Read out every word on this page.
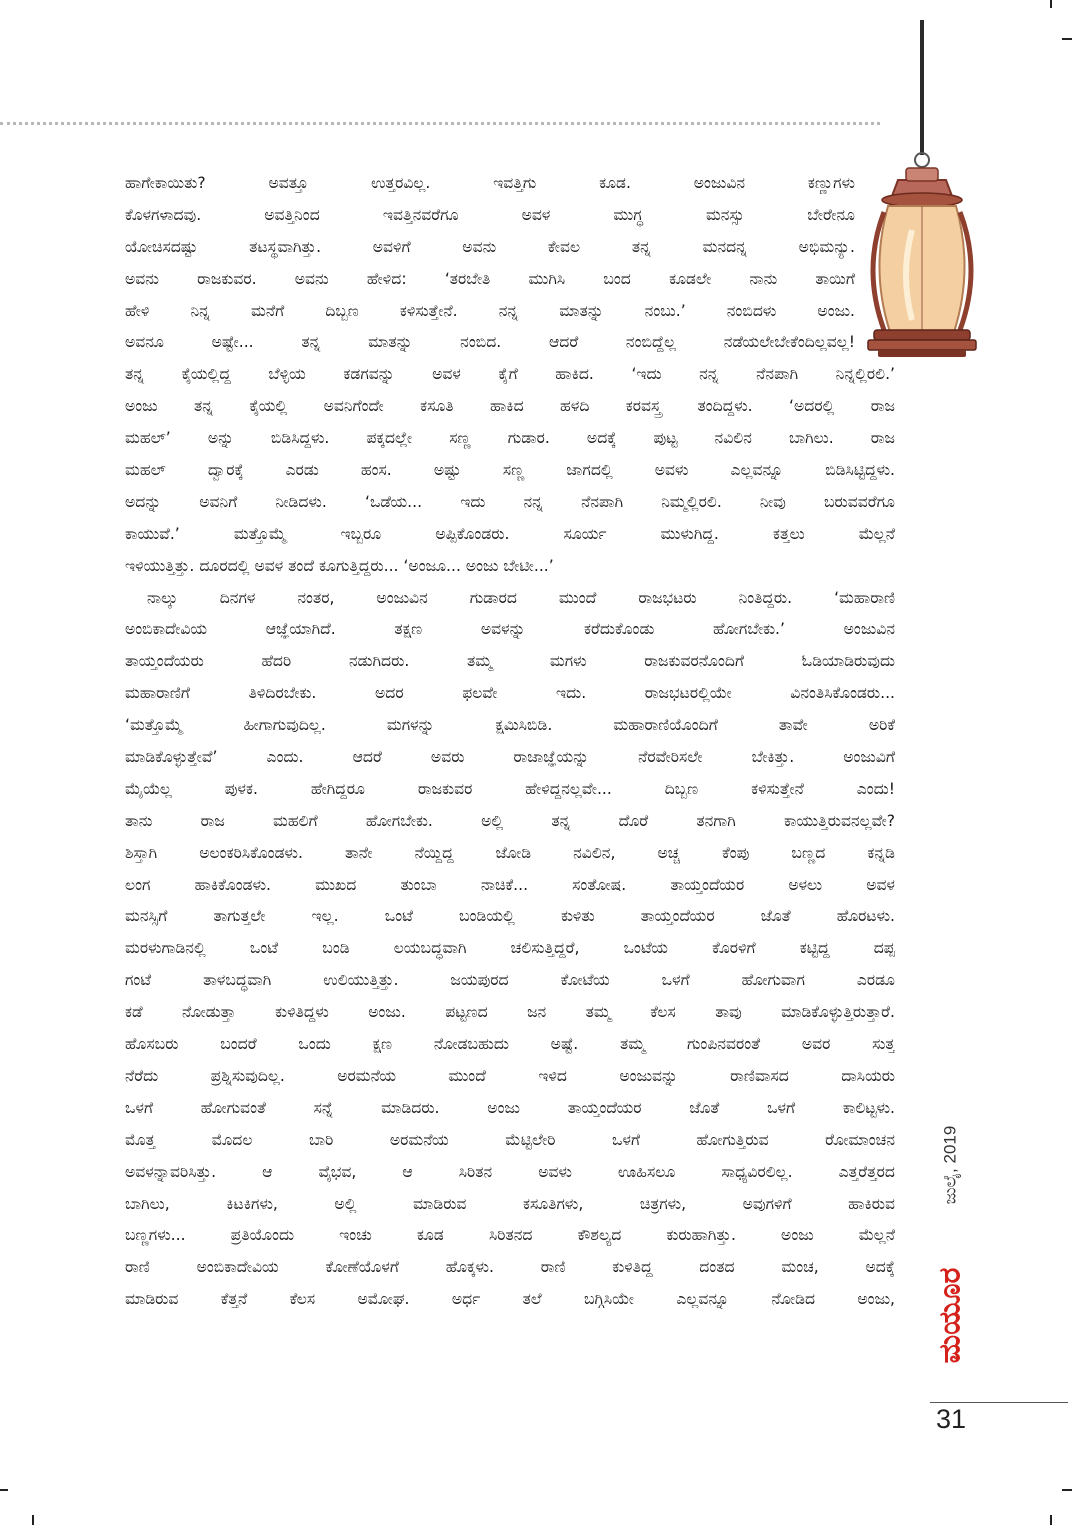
ಹಾಗೇಕಾಯಿತು? ಅವತ್ತೂ ಉತ್ತರವಿಲ್ಲ. ಇವತ್ತಿಗು ಕೂಡ. ಅಂಜುವಿನ ಕಣ್ಣುಗಳು
ಕೊಳಗಳಾದವು. ಅವತ್ತಿನಿಂದ ಇವತ್ತಿನವರೆಗೂ ಅವಳ ಮುಗ್ಧ ಮನಸ್ಸು ಬೇರೇನೂ
ಯೋಚಿಸದಷ್ಟು ತಟಸ್ಥವಾಗಿತ್ತು. ಅವಳಿಗೆ ಅವನು ಕೇವಲ ತನ್ನ ಮನದನ್ನ ಅಭಿಮನ್ಯು.
ಅವನು ರಾಜಕುವರ. ಅವನು ಹೇಳಿದ: ‘ತರಬೇತಿ ಮುಗಿಸಿ ಬಂದ ಕೂಡಲೇ ನಾನು ತಾಯಿಗೆ
ಹೇಳಿ ನಿನ್ನ ಮನೆಗೆ ದಿಬ್ಬಣ ಕಳಿಸುತ್ತೇನೆ. ನನ್ನ ಮಾತನ್ನು ನಂಬು.’ ನಂಬಿದಳು ಅಂಜು.
ಅವನೂ ಅಷ್ಟೇ... ತನ್ನ ಮಾತನ್ನು ನಂಬಿದ. ಆದರೆ ನಂಬಿದ್ದೆಲ್ಲ ನಡೆಯಲೇಬೇಕೆಂದಿಲ್ಲವಲ್ಲ!
ತನ್ನ ಕೈಯಲ್ಲಿದ್ದ ಬೆಳ್ಳಿಯ ಕಡಗವನ್ನು ಅವಳ ಕೈಗೆ ಹಾಕಿದ. ‘ಇದು ನನ್ನ ನೆನಪಾಗಿ ನಿನ್ನಲ್ಲಿರಲಿ.’
ಅಂಜು ತನ್ನ ಕೈಯಲ್ಲಿ ಅವನಿಗೆಂದೇ ಕಸೂತಿ ಹಾಕಿದ ಹಳದಿ ಕರವಸ್ತ್ರ ತಂದಿದ್ದಳು. ‘ಅದರಲ್ಲಿ ರಾಜ
ಮಹಲ್’ ಅನ್ನು ಬಿಡಿಸಿದ್ದಳು. ಪಕ್ಕದಲ್ಲೇ ಸಣ್ಣ ಗುಡಾರ. ಅದಕ್ಕೆ ಪುಟ್ಟ ನವಿಲಿನ ಬಾಗಿಲು. ರಾಜ
ಮಹಲ್ ದ್ವಾರಕ್ಕೆ ಎರಡು ಹಂಸ. ಅಷ್ಟು ಸಣ್ಣ ಜಾಗದಲ್ಲಿ ಅವಳು ಎಲ್ಲವನ್ನೂ ಬಿಡಿಸಿಟ್ಟಿದ್ದಳು.
ಅದನ್ನು ಅವನಿಗೆ ನೀಡಿದಳು. ‘ಒಡೆಯ... ಇದು ನನ್ನ ನೆನಪಾಗಿ ನಿಮ್ಮಲ್ಲಿರಲಿ. ನೀವು ಬರುವವರೆಗೂ
ಕಾಯುವೆ.’ ಮತ್ತೊಮ್ಮೆ ಇಬ್ಬರೂ ಅಪ್ಪಿಕೊಂಡರು. ಸೂರ್ಯ ಮುಳುಗಿದ್ದ. ಕತ್ತಲು ಮೆಲ್ಲನೆ
ಇಳಿಯುತ್ತಿತ್ತು. ದೂರದಲ್ಲಿ ಅವಳ ತಂದೆ ಕೂಗುತ್ತಿದ್ದರು... ‘ಅಂಜೂ... ಅಂಜು ಬೇಟೀ...’
ನಾಲ್ಕು ದಿನಗಳ ನಂತರ, ಅಂಜುವಿನ ಗುಡಾರದ ಮುಂದೆ ರಾಜಭಟರು ನಿಂತಿದ್ದರು. ‘ಮಹಾರಾಣಿ
ಅಂಬಿಕಾದೇವಿಯ ಆಜ್ಞೆಯಾಗಿದೆ. ತಕ್ಷಣ ಅವಳನ್ನು ಕರೆದುಕೊಂಡು ಹೋಗಬೇಕು.’ ಅಂಜುವಿನ
ತಾಯ್ತಂದೆಯರು ಹೆದರಿ ನಡುಗಿದರು. ತಮ್ಮ ಮಗಳು ರಾಜಕುವರನೊಂದಿಗೆ ಓಡಿಯಾಡಿರುವುದು
ಮಹಾರಾಣಿಗೆ ತಿಳಿದಿರಬೇಕು. ಅದರ ಫಲವೇ ಇದು. ರಾಜಭಟರಲ್ಲಿಯೇ ವಿನಂತಿಸಿಕೊಂಡರು...
‘ಮತ್ತೊಮ್ಮೆ ಹೀಗಾಗುವುದಿಲ್ಲ. ಮಗಳನ್ನು ಕ್ಷಮಿಸಿಬಿಡಿ. ಮಹಾರಾಣಿಯೊಂದಿಗೆ ತಾವೇ ಅರಿಕೆ
ಮಾಡಿಕೊಳ್ಳುತ್ತೇವೆ’ ಎಂದು. ಆದರೆ ಅವರು ರಾಜಾಜ್ಞೆಯನ್ನು ನೆರವೇರಿಸಲೇ ಬೇಕಿತ್ತು. ಅಂಜುವಿಗೆ
ಮೈಯೆಲ್ಲ ಪುಳಕ. ಹೇಗಿದ್ದರೂ ರಾಜಕುವರ ಹೇಳಿದ್ದನಲ್ಲವೇ... ದಿಬ್ಬಣ ಕಳಿಸುತ್ತೇನೆ ಎಂದು!
ತಾನು ರಾಜ ಮಹಲಿಗೆ ಹೋಗಬೇಕು. ಅಲ್ಲಿ ತನ್ನ ದೊರೆ ತನಗಾಗಿ ಕಾಯುತ್ತಿರುವನಲ್ಲವೇ?
ಶಿಸ್ತಾಗಿ ಅಲಂಕರಿಸಿಕೊಂಡಳು. ತಾನೇ ನೆಯ್ದಿದ್ದ ಜೋಡಿ ನವಿಲಿನ, ಅಚ್ಚ ಕೆಂಪು ಬಣ್ಣದ ಕನ್ನಡಿ
ಲಂಗ ಹಾಕಿಕೊಂಡಳು. ಮುಖದ ತುಂಬಾ ನಾಚಿಕೆ... ಸಂತೋಷ. ತಾಯ್ತಂದೆಯರ ಅಳಲು ಅವಳ
ಮನಸ್ಸಿಗೆ ತಾಗುತ್ತಲೇ ಇಲ್ಲ. ಒಂಟೆ ಬಂಡಿಯಲ್ಲಿ ಕುಳಿತು ತಾಯ್ತಂದೆಯರ ಜೊತೆ ಹೊರಟಳು.
ಮರಳುಗಾಡಿನಲ್ಲಿ ಒಂಟೆ ಬಂಡಿ ಲಯಬದ್ಧವಾಗಿ ಚಲಿಸುತ್ತಿದ್ದರೆ, ಒಂಟೆಯ ಕೊರಳಿಗೆ ಕಟ್ಟಿದ್ದ ದಪ್ಪ
ಗಂಟೆ ತಾಳಬದ್ಧವಾಗಿ ಉಲಿಯುತ್ತಿತ್ತು. ಜಯಪುರದ ಕೋಟೆಯ ಒಳಗೆ ಹೋಗುವಾಗ ಎರಡೂ
ಕಡೆ ನೋಡುತ್ತಾ ಕುಳಿತಿದ್ದಳು ಅಂಜು. ಪಟ್ಟಣದ ಜನ ತಮ್ಮ ಕೆಲಸ ತಾವು ಮಾಡಿಕೊಳ್ಳುತ್ತಿರುತ್ತಾರೆ.
ಹೊಸಬರು ಬಂದರೆ ಒಂದು ಕ್ಷಣ ನೋಡಬಹುದು ಅಷ್ಟೆ. ತಮ್ಮ ಗುಂಪಿನವರಂತೆ ಅವರ ಸುತ್ತ
ನೆರೆದು ಪ್ರಶ್ನಿಸುವುದಿಲ್ಲ. ಅರಮನೆಯ ಮುಂದೆ ಇಳಿದ ಅಂಜುವನ್ನು ರಾಣಿವಾಸದ ದಾಸಿಯರು
ಒಳಗೆ ಹೋಗುವಂತೆ ಸನ್ನೆ ಮಾಡಿದರು. ಅಂಜು ತಾಯ್ತಂದೆಯರ ಜೊತೆ ಒಳಗೆ ಕಾಲಿಟ್ಟಳು.
ಮೊತ್ತ ಮೊದಲ ಬಾರಿ ಅರಮನೆಯ ಮೆಟ್ಟಿಲೇರಿ ಒಳಗೆ ಹೋಗುತ್ತಿರುವ ರೋಮಾಂಚನ
ಅವಳನ್ನಾವರಿಸಿತ್ತು. ಆ ವೈಭವ, ಆ ಸಿರಿತನ ಅವಳು ಊಹಿಸಲೂ ಸಾಧ್ಯವಿರಲಿಲ್ಲ. ಎತ್ತರೆತ್ತರದ
ಬಾಗಿಲು, ಕಿಟಕಿಗಳು, ಅಲ್ಲಿ ಮಾಡಿರುವ ಕಸೂತಿಗಳು, ಚಿತ್ರಗಳು, ಅವುಗಳಿಗೆ ಹಾಕಿರುವ
ಬಣ್ಣಗಳು... ಪ್ರತಿಯೊಂದು ಇಂಚು ಕೂಡ ಸಿರಿತನದ ಕೌಶಲ್ಯದ ಕುರುಹಾಗಿತ್ತು. ಅಂಜು ಮೆಲ್ಲನೆ
ರಾಣಿ ಅಂಬಿಕಾದೇವಿಯ ಕೋಣೆಯೊಳಗೆ ಹೊಕ್ಕಳು. ರಾಣಿ ಕುಳಿತಿದ್ದ ದಂತದ ಮಂಚ, ಅದಕ್ಕೆ
ಮಾಡಿರುವ ಕೆತ್ತನೆ ಕೆಲಸ ಅಮೋಘ. ಅರ್ಧ ತಲೆ ಬಗ್ಗಿಸಿಯೇ ಎಲ್ಲವನ್ನೂ ನೋಡಿದ ಅಂಜು,
ಜುಲೈ, 2019
ಮಯೂರ
31
